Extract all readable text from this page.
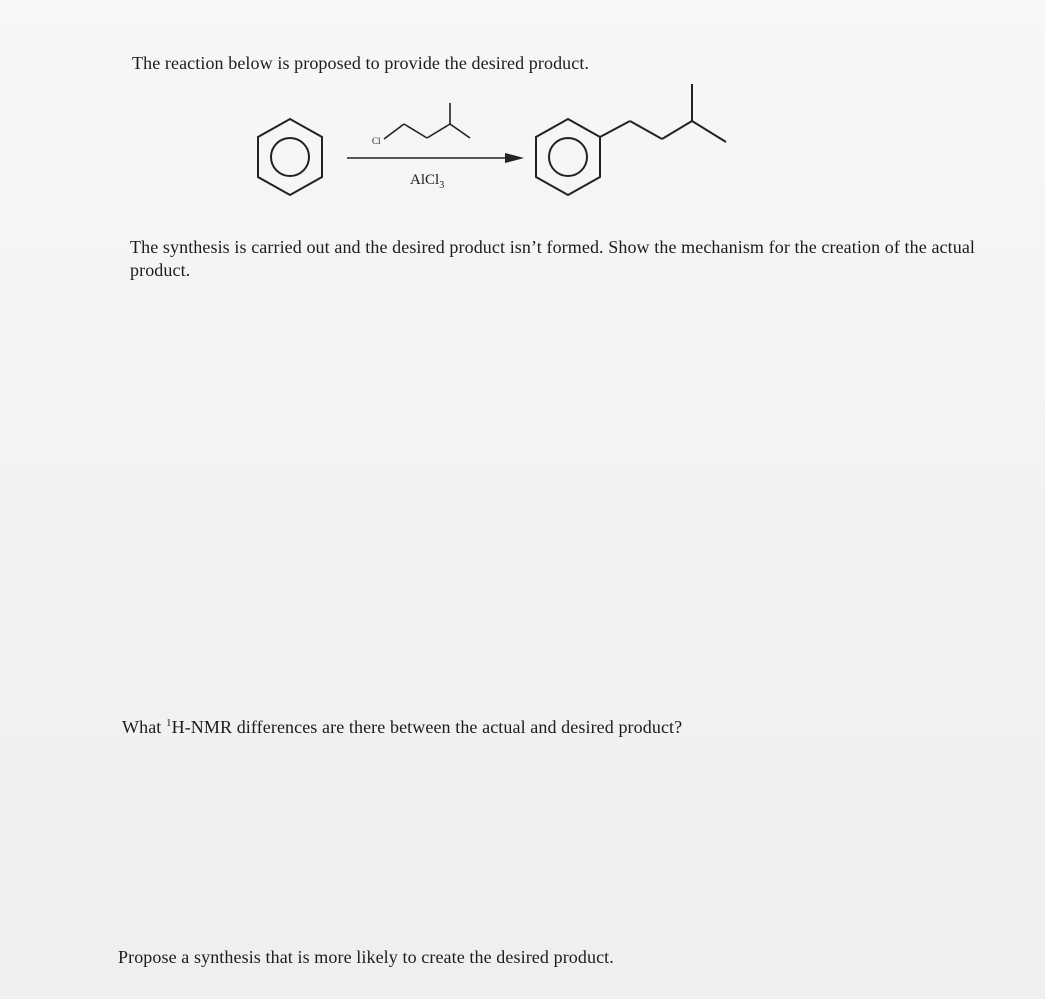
The reaction below is proposed to provide the desired product.
Cl
AlCl$_3$
The synthesis is carried out and the desired product isn’t formed. Show the mechanism for the creation of the actual product.
What $^1$H-NMR differences are there between the actual and desired product?
Propose a synthesis that is more likely to create the desired product.
